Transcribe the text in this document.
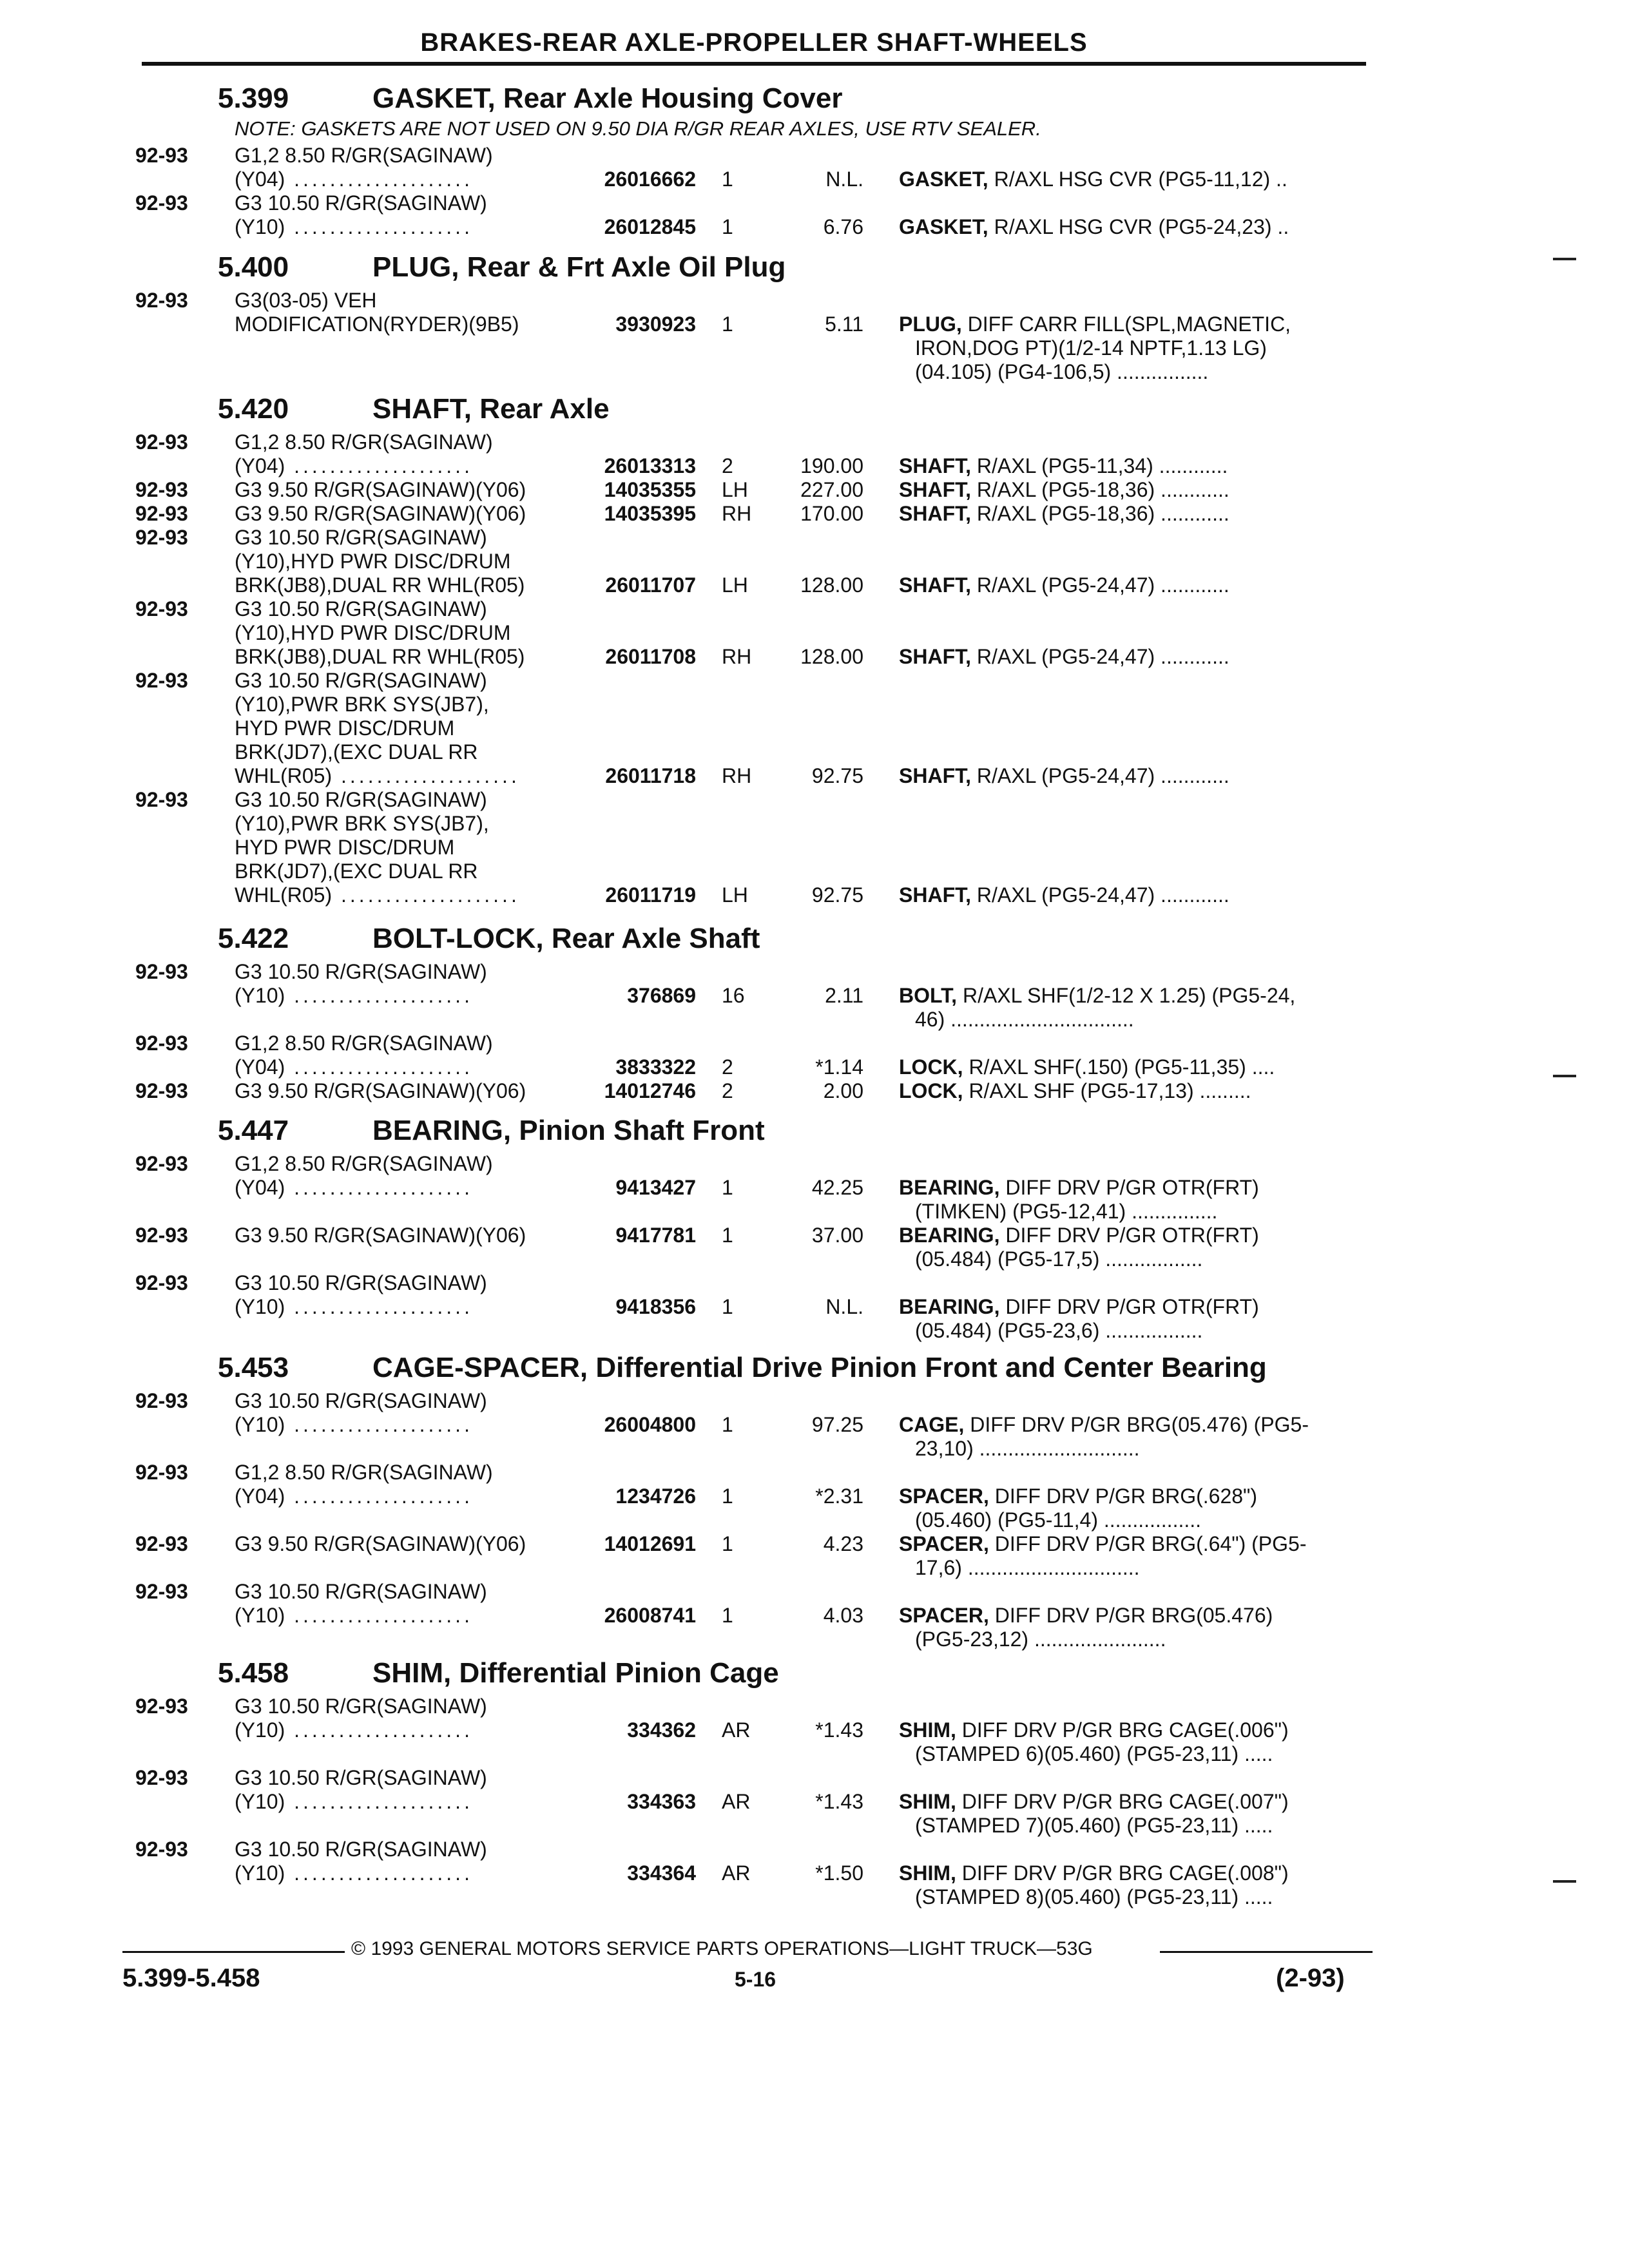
BRAKES-REAR AXLE-PROPELLER SHAFT-WHEELS
5.399	GASKET, Rear Axle Housing Cover
NOTE: GASKETS ARE NOT USED ON 9.50 DIA R/GR REAR AXLES, USE RTV SEALER.
92-93 G1,2 8.50 R/GR(SAGINAW)
(Y04) ....................	26016662 1	N.L. GASKET, R/AXL HSG CVR (PG5-11,12) ..
92-93 G3 10.50 R/GR(SAGINAW)
(Y10) ....................	26012845 1	6.76 GASKET, R/AXL HSG CVR (PG5-24,23) ..
5.400	PLUG, Rear & Frt Axle Oil Plug
92-93 G3(03-05) VEH
MODIFICATION(RYDER)(9B5)	3930923 1	5.11 PLUG, DIFF CARR FILL(SPL,MAGNETIC,
IRON,DOG PT)(1/2-14 NPTF,1.13 LG)
(04.105) (PG4-106,5) ................
5.420	SHAFT, Rear Axle
92-93 G1,2 8.50 R/GR(SAGINAW)
(Y04) ....................	26013313 2	190.00 SHAFT, R/AXL (PG5-11,34) ............
92-93 G3 9.50 R/GR(SAGINAW)(Y06)	14035355 LH	227.00 SHAFT, R/AXL (PG5-18,36) ............
92-93 G3 9.50 R/GR(SAGINAW)(Y06)	14035395 RH	170.00 SHAFT, R/AXL (PG5-18,36) ............
92-93 G3 10.50 R/GR(SAGINAW)
(Y10),HYD PWR DISC/DRUM
BRK(JB8),DUAL RR WHL(R05)	26011707 LH	128.00 SHAFT, R/AXL (PG5-24,47) ............
92-93 G3 10.50 R/GR(SAGINAW)
(Y10),HYD PWR DISC/DRUM
BRK(JB8),DUAL RR WHL(R05)	26011708 RH	128.00 SHAFT, R/AXL (PG5-24,47) ............
92-93 G3 10.50 R/GR(SAGINAW)
(Y10),PWR BRK SYS(JB7),
HYD PWR DISC/DRUM
BRK(JD7),(EXC DUAL RR
WHL(R05) ....................	26011718 RH	92.75 SHAFT, R/AXL (PG5-24,47) ............
92-93 G3 10.50 R/GR(SAGINAW)
(Y10),PWR BRK SYS(JB7),
HYD PWR DISC/DRUM
BRK(JD7),(EXC DUAL RR
WHL(R05) ....................	26011719 LH	92.75 SHAFT, R/AXL (PG5-24,47) ............
5.422	BOLT-LOCK, Rear Axle Shaft
92-93 G3 10.50 R/GR(SAGINAW)
(Y10) ....................	376869 16	2.11 BOLT, R/AXL SHF(1/2-12 X 1.25) (PG5-24,
46) ................................
92-93 G1,2 8.50 R/GR(SAGINAW)
(Y04) ....................	3833322 2	*1.14 LOCK, R/AXL SHF(.150) (PG5-11,35) ....
92-93 G3 9.50 R/GR(SAGINAW)(Y06)	14012746 2	2.00 LOCK, R/AXL SHF (PG5-17,13) .........
5.447	BEARING, Pinion Shaft Front
92-93 G1,2 8.50 R/GR(SAGINAW)
(Y04) ....................	9413427 1	42.25 BEARING, DIFF DRV P/GR OTR(FRT)
(TIMKEN) (PG5-12,41) ...............
92-93 G3 9.50 R/GR(SAGINAW)(Y06)	9417781 1	37.00 BEARING, DIFF DRV P/GR OTR(FRT)
(05.484) (PG5-17,5) .................
92-93 G3 10.50 R/GR(SAGINAW)
(Y10) ....................	9418356 1	N.L. BEARING, DIFF DRV P/GR OTR(FRT)
(05.484) (PG5-23,6) .................
5.453	CAGE-SPACER, Differential Drive Pinion Front and Center Bearing
92-93 G3 10.50 R/GR(SAGINAW)
(Y10) ....................	26004800 1	97.25 CAGE, DIFF DRV P/GR BRG(05.476) (PG5-
23,10) ............................
92-93 G1,2 8.50 R/GR(SAGINAW)
(Y04) ....................	1234726 1	*2.31 SPACER, DIFF DRV P/GR BRG(.628")
(05.460) (PG5-11,4) .................
92-93 G3 9.50 R/GR(SAGINAW)(Y06)	14012691 1	4.23 SPACER, DIFF DRV P/GR BRG(.64") (PG5-
17,6) ..............................
92-93 G3 10.50 R/GR(SAGINAW)
(Y10) ....................	26008741 1	4.03 SPACER, DIFF DRV P/GR BRG(05.476)
(PG5-23,12) .......................
5.458	SHIM, Differential Pinion Cage
92-93 G3 10.50 R/GR(SAGINAW)
(Y10) ....................	334362 AR	*1.43 SHIM, DIFF DRV P/GR BRG CAGE(.006")
(STAMPED 6)(05.460) (PG5-23,11) .....
92-93 G3 10.50 R/GR(SAGINAW)
(Y10) ....................	334363 AR	*1.43 SHIM, DIFF DRV P/GR BRG CAGE(.007")
(STAMPED 7)(05.460) (PG5-23,11) .....
92-93 G3 10.50 R/GR(SAGINAW)
(Y10) ....................	334364 AR	*1.50 SHIM, DIFF DRV P/GR BRG CAGE(.008")
(STAMPED 8)(05.460) (PG5-23,11) .....
© 1993 GENERAL MOTORS SERVICE PARTS OPERATIONS—LIGHT TRUCK—53G
5.399-5.458	5-16	(2-93)
